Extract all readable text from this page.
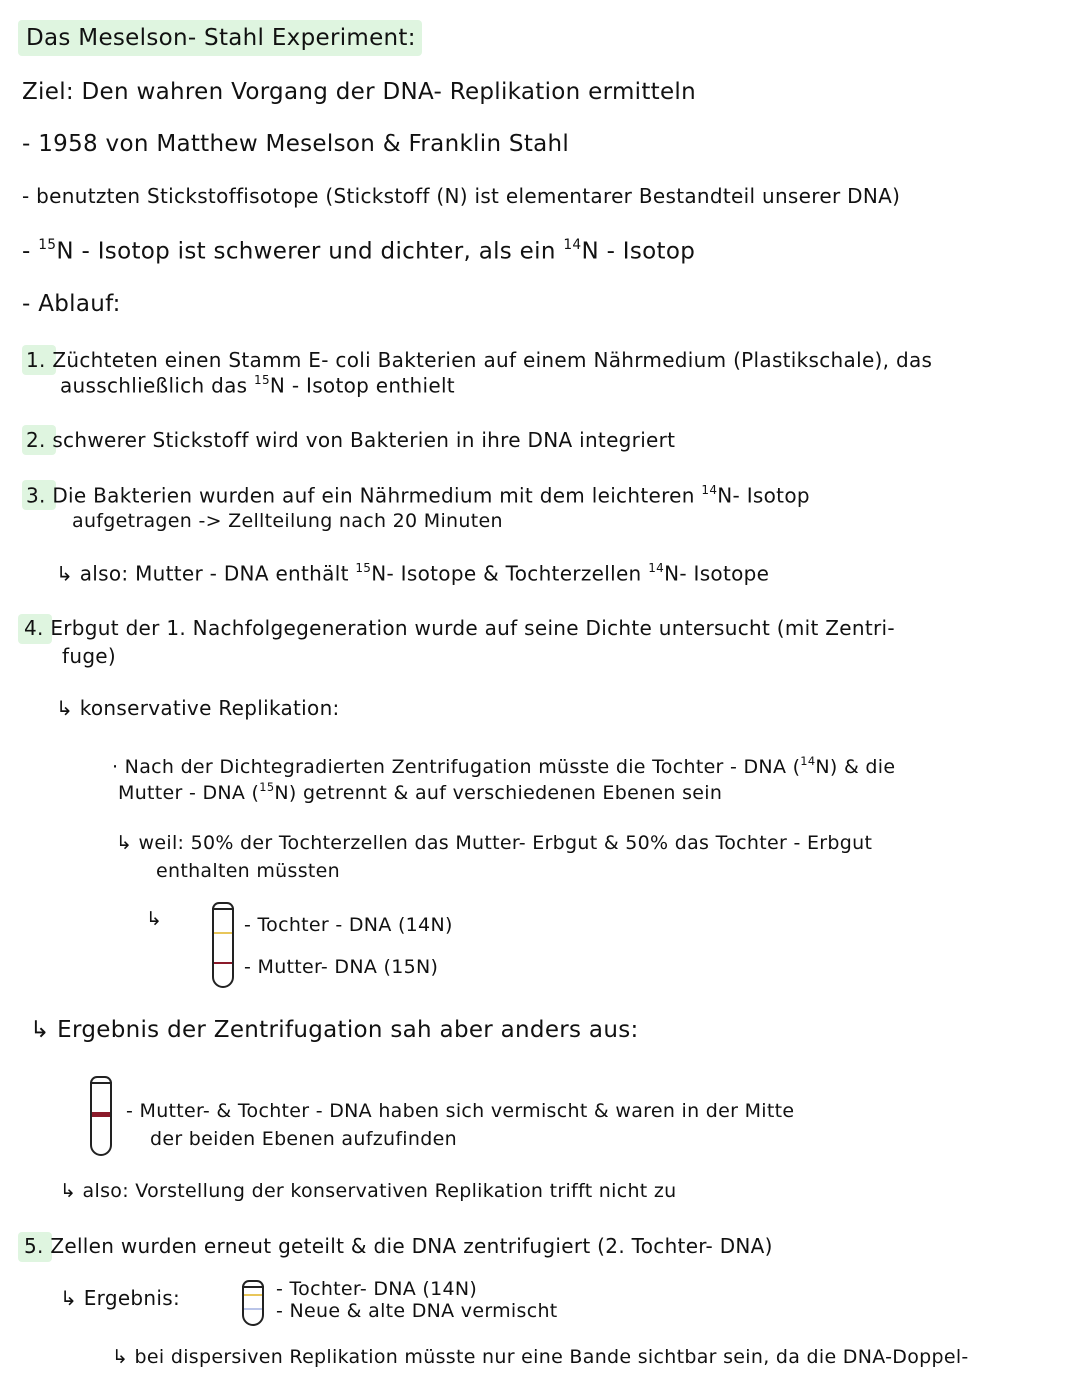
Das Meselson- Stahl Experiment:
Ziel: Den wahren Vorgang der DNA- Replikation ermitteln
- 1958 von Matthew Meselson & Franklin Stahl
- benutzten Stickstoffisotope (Stickstoff (N) ist elementarer Bestandteil unserer DNA)
- $^{15}$N - Isotop ist schwerer und dichter, als ein $^{14}$N - Isotop
- Ablauf:
1. Züchteten einen Stamm E- coli Bakterien auf einem Nährmedium (Plastikschale), das
ausschließlich das $^{15}$N - Isotop enthielt
2. schwerer Stickstoff wird von Bakterien in ihre DNA integriert
3. Die Bakterien wurden auf ein Nährmedium mit dem leichteren $^{14}$N- Isotop
aufgetragen -> Zellteilung nach 20 Minuten
↳ also: Mutter - DNA enthält $^{15}$N- Isotope & Tochterzellen $^{14}$N- Isotope
4. Erbgut der 1. Nachfolgegeneration wurde auf seine Dichte untersucht (mit Zentri-
fuge)
↳ konservative Replikation:
· Nach der Dichtegradierten Zentrifugation müsste die Tochter - DNA ($^{14}$N) & die
Mutter - DNA ($^{15}$N) getrennt & auf verschiedenen Ebenen sein
↳ weil: 50% der Tochterzellen das Mutter- Erbgut & 50% das Tochter - Erbgut
enthalten müssten
↳	- Tochter - DNA (14N)
- Mutter- DNA (15N)
↳ Ergebnis der Zentrifugation sah aber anders aus:
- Mutter- & Tochter - DNA haben sich vermischt & waren in der Mitte
der beiden Ebenen aufzufinden
↳ also: Vorstellung der konservativen Replikation trifft nicht zu
5. Zellen wurden erneut geteilt & die DNA zentrifugiert (2. Tochter- DNA)
↳ Ergebnis:	- Tochter- DNA (14N)
- Neue & alte DNA vermischt
↳ bei dispersiven Replikation müsste nur eine Bande sichtbar sein, da die DNA-Doppel-
